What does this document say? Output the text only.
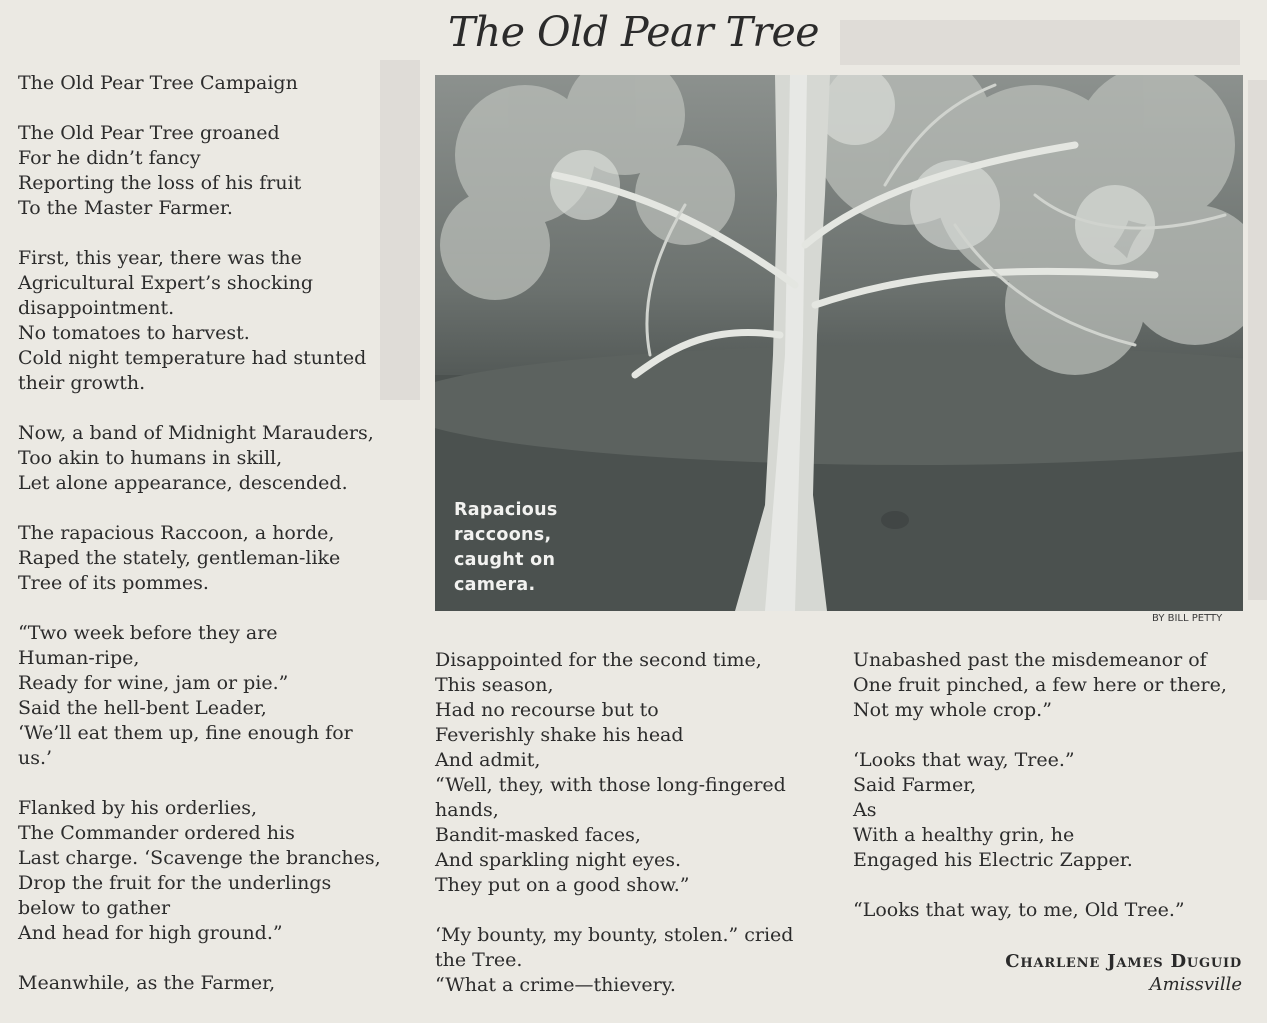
The Old Pear Tree
The Old Pear Tree Campaign
The Old Pear Tree groaned
For he didn’t fancy
Reporting the loss of his fruit
To the Master Farmer.
First, this year, there was the
Agricultural Expert’s shocking
disappointment.
No tomatoes to harvest.
Cold night temperature had stunted
their growth.
Now, a band of Midnight Marauders,
Too akin to humans in skill,
Let alone appearance, descended.
The rapacious Raccoon, a horde,
Raped the stately, gentleman-like
Tree of its pommes.
“Two week before they are
Human-ripe,
Ready for wine, jam or pie.”
Said the hell-bent Leader,
‘We’ll eat them up, fine enough for
us.’
Flanked by his orderlies,
The Commander ordered his
Last charge. ‘Scavenge the branches,
Drop the fruit for the underlings
below to gather
And head for high ground.”
Meanwhile, as the Farmer,
Rapacious
raccoons,
caught on
camera.
BY BILL PETTY
Disappointed for the second time,
This season,
Had no recourse but to
Feverishly shake his head
And admit,
“Well, they, with those long-fingered
hands,
Bandit-masked faces,
And sparkling night eyes.
They put on a good show.”
‘My bounty, my bounty, stolen.” cried
the Tree.
“What a crime—thievery.
Unabashed past the misdemeanor of
One fruit pinched, a few here or there,
Not my whole crop.”
‘Looks that way, Tree.”
Said Farmer,
As
With a healthy grin, he
Engaged his Electric Zapper.
“Looks that way, to me, Old Tree.”
Charlene James Duguid
Amissville
